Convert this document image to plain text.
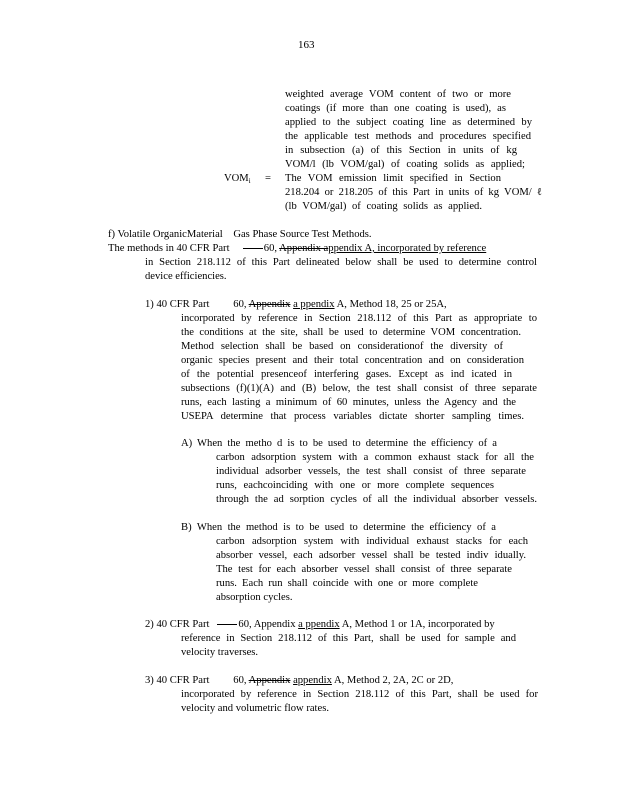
163
weighted average VOM content of two or more
coatings (if more than one coating is used), as
applied to the subject coating line as determined by
the applicable test methods and procedures specified
in subsection (a) of this Section in units of kg
VOM/l (lb VOM/gal) of coating solids as applied;
$VOM_i$ = The VOM emission limit specified in Section
218.204 or 218.205 of this Part in units of kg VOM/ ℓ
(lb VOM/gal) of coating solids as applied.
f) Volatile OrganicMaterial    Gas Phase Source Test Methods.
The methods in 40 CFR Part	60, Appendix appendix A, incorporated by reference
in Section 218.112 of this Part delineated below shall be used to determine control
device efficiencies.
1) 40 CFR Part 60, Appendix a ppendix A, Method 18, 25 or 25A,
incorporated by reference in Section 218.112 of this Part as appropriate to
the conditions at the site, shall be used to determine VOM concentration.
Method selection shall be based on considerationof the diversity of
organic species present and their total concentration and on consideration
of the potential presenceof interfering gases. Except as ind icated in
subsections (f)(1)(A) and (B) below, the test shall consist of three separate
runs, each lasting a minimum of 60 minutes, unless the Agency and the
USEPA determine that process variables dictate shorter sampling times.
A) When the metho d is to be used to determine the efficiency of a
carbon adsorption system with a common exhaust stack for all the
individual adsorber vessels, the test shall consist of three separate
runs, eachcoinciding with one or more complete sequences
through the ad sorption cycles of all the individual absorber vessels.
B) When the method is to be used to determine the efficiency of a
carbon adsorption system with individual exhaust stacks for each
absorber vessel, each adsorber vessel shall be tested indiv idually.
The test for each absorber vessel shall consist of three separate
runs. Each run shall coincide with one or more complete
absorption cycles.
2) 40 CFR Part	60, Appendix a ppendix A, Method 1 or 1A, incorporated by
reference in Section 218.112 of this Part, shall be used for sample and
velocity traverses.
3) 40 CFR Part 60, Appendix appendix A, Method 2, 2A, 2C or 2D,
incorporated by reference in Section 218.112 of this Part, shall be used for
velocity and volumetric flow rates.
